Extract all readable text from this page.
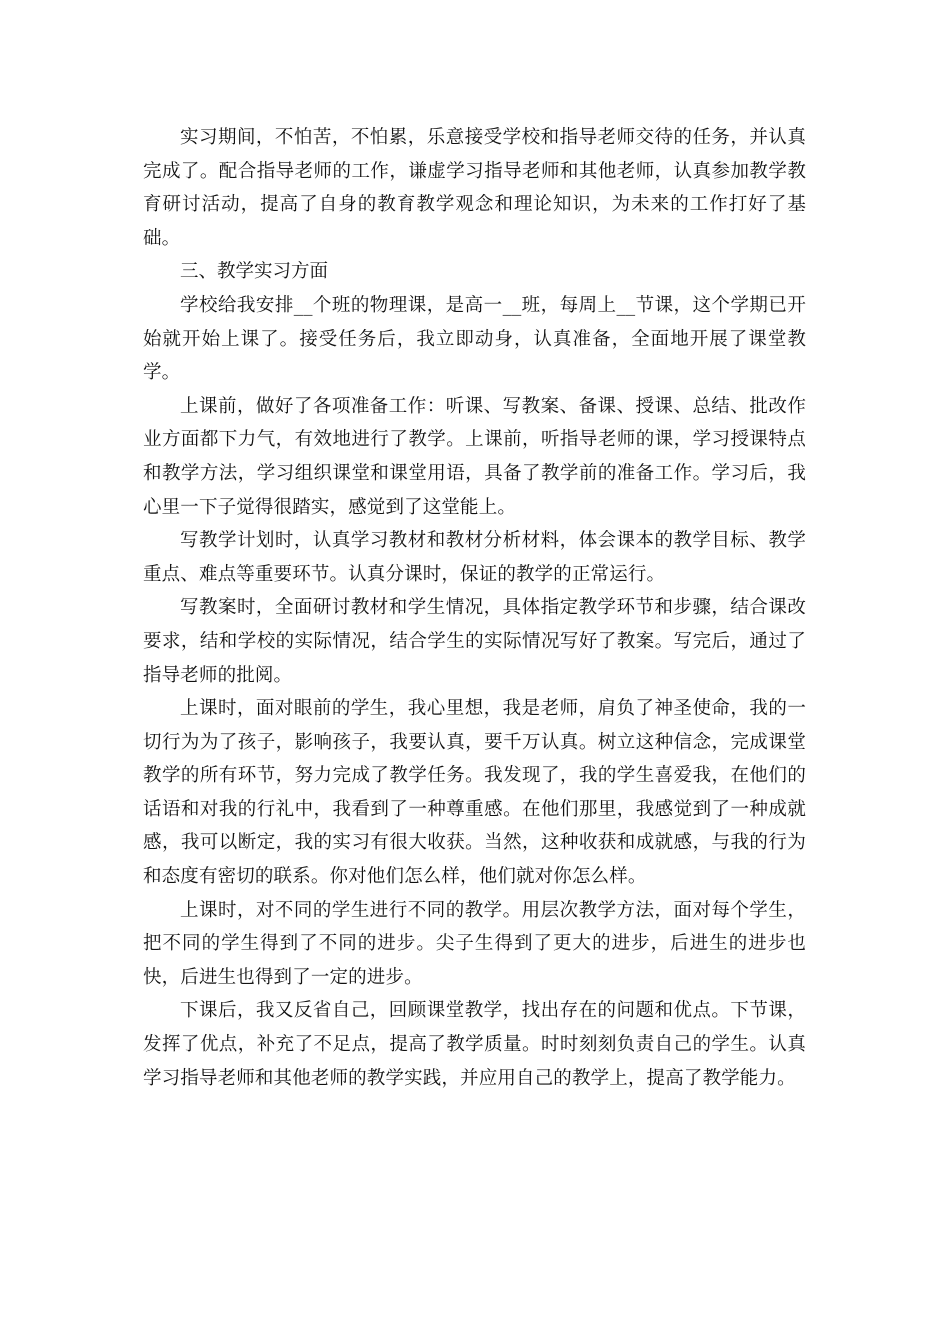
实习期间，不怕苦，不怕累，乐意接受学校和指导老师交待的任务，并认真完成了。配合指导老师的工作，谦虚学习指导老师和其他老师，认真参加教学教育研讨活动，提高了自身的教育教学观念和理论知识，为未来的工作打好了基础。

三、教学实习方面

学校给我安排__个班的物理课，是高一__班，每周上__节课，这个学期已开始就开始上课了。接受任务后，我立即动身，认真准备，全面地开展了课堂教学。

上课前，做好了各项准备工作：听课、写教案、备课、授课、总结、批改作业方面都下力气，有效地进行了教学。上课前，听指导老师的课，学习授课特点和教学方法，学习组织课堂和课堂用语，具备了教学前的准备工作。学习后，我心里一下子觉得很踏实，感觉到了这堂能上。

写教学计划时，认真学习教材和教材分析材料，体会课本的教学目标、教学重点、难点等重要环节。认真分课时，保证的教学的正常运行。

写教案时，全面研讨教材和学生情况，具体指定教学环节和步骤，结合课改要求，结和学校的实际情况，结合学生的实际情况写好了教案。写完后，通过了指导老师的批阅。

上课时，面对眼前的学生，我心里想，我是老师，肩负了神圣使命，我的一切行为为了孩子，影响孩子，我要认真，要千万认真。树立这种信念，完成课堂教学的所有环节，努力完成了教学任务。我发现了，我的学生喜爱我，在他们的话语和对我的行礼中，我看到了一种尊重感。在他们那里，我感觉到了一种成就感，我可以断定，我的实习有很大收获。当然，这种收获和成就感，与我的行为和态度有密切的联系。你对他们怎么样，他们就对你怎么样。

上课时，对不同的学生进行不同的教学。用层次教学方法，面对每个学生，把不同的学生得到了不同的进步。尖子生得到了更大的进步，后进生的进步也快，后进生也得到了一定的进步。

下课后，我又反省自己，回顾课堂教学，找出存在的问题和优点。下节课，发挥了优点，补充了不足点，提高了教学质量。时时刻刻负责自己的学生。认真学习指导老师和其他老师的教学实践，并应用自己的教学上，提高了教学能力。
